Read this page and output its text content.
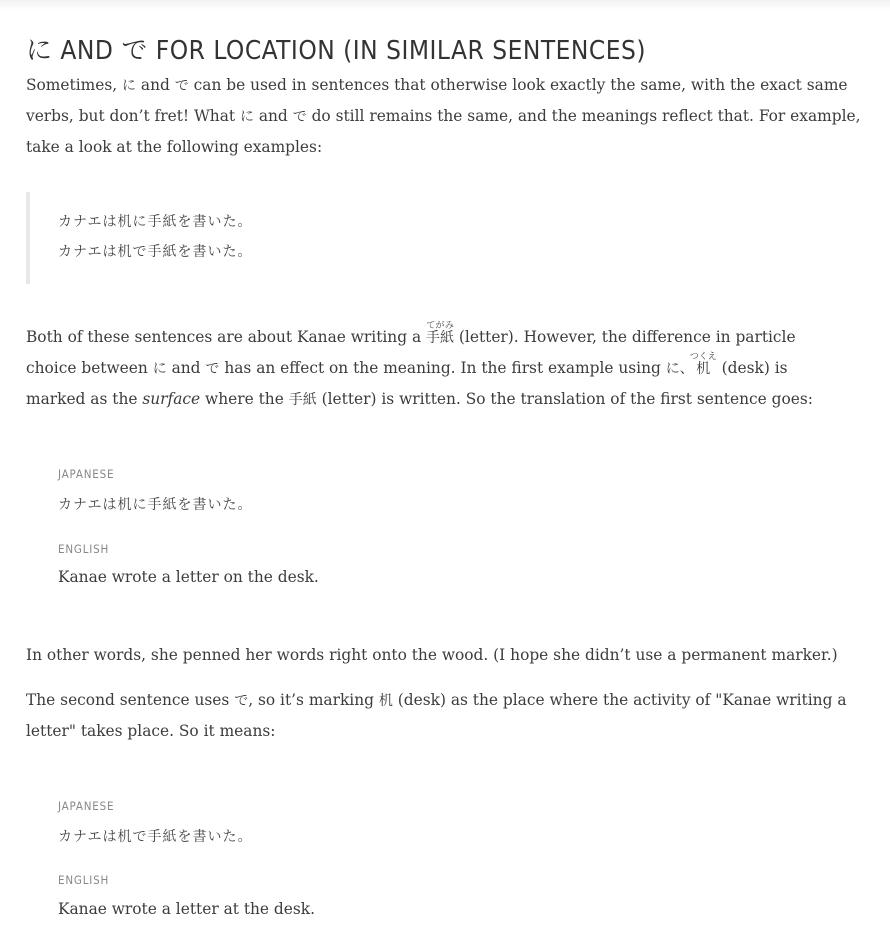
に AND で FOR LOCATION (IN SIMILAR SENTENCES)

Sometimes, に and で can be used in sentences that otherwise look exactly the same, with the exact same verbs, but don’t fret! What に and で do still remains the same, and the meanings reflect that. For example, take a look at the following examples:

カナエは机に手紙を書いた。

カナエは机で手紙を書いた。

Both of these sentences are about Kanae writing a 手紙てがみ (letter). However, the difference in particle choice between に and で has an effect on the meaning. In the first example using に、机つくえ (desk) is marked as the surface where the 手紙 (letter) is written. So the translation of the first sentence goes:

JAPANESE

カナエは机に手紙を書いた。

ENGLISH

Kanae wrote a letter on the desk.

In other words, she penned her words right onto the wood. (I hope she didn’t use a permanent marker.)

The second sentence uses で, so it’s marking 机 (desk) as the place where the activity of "Kanae writing a letter" takes place. So it means:

JAPANESE

カナエは机で手紙を書いた。

ENGLISH

Kanae wrote a letter at the desk.
